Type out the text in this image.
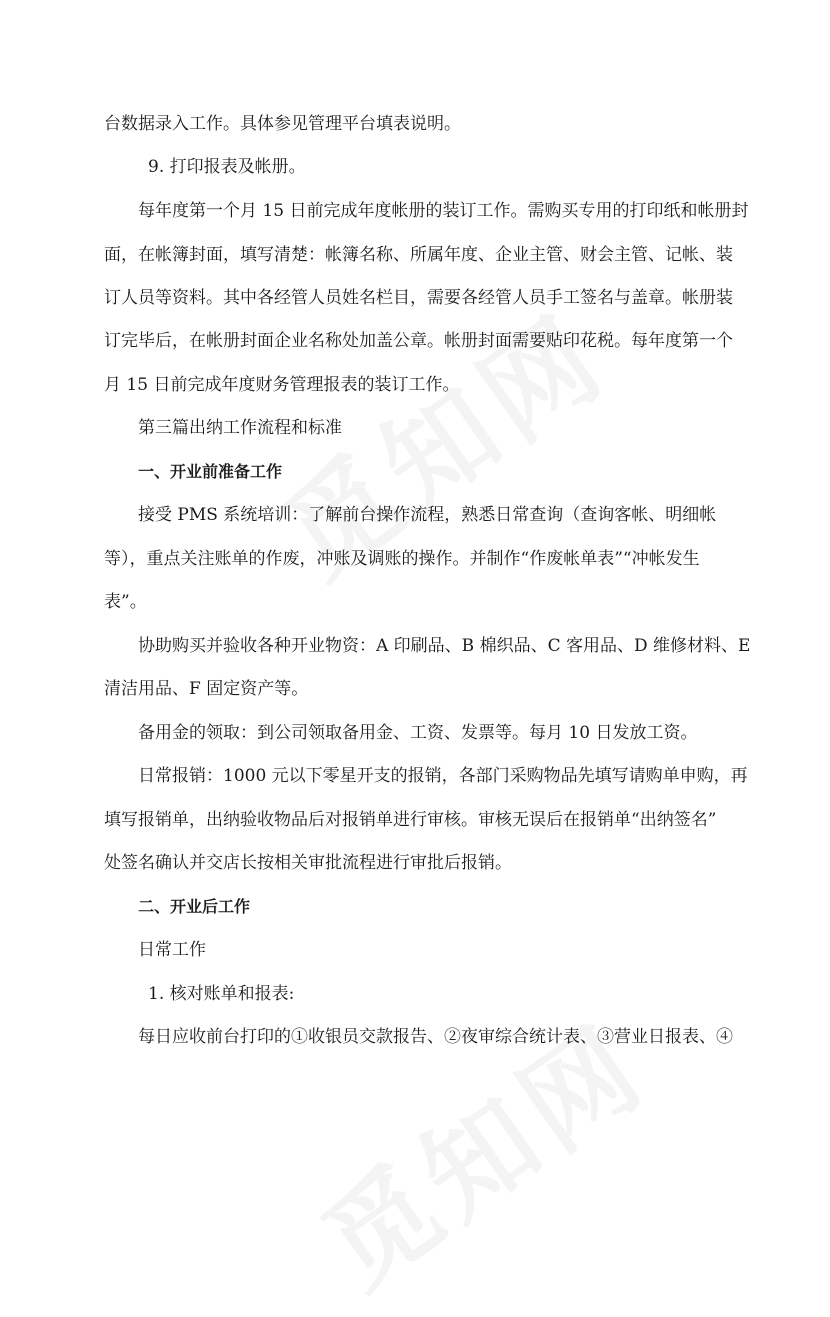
台数据录入工作。具体参见管理平台填表说明。
9. 打印报表及帐册。
每年度第一个月 15 日前完成年度帐册的装订工作。需购买专用的打印纸和帐册封
面，在帐簿封面，填写清楚：帐簿名称、所属年度、企业主管、财会主管、记帐、装
订人员等资料。其中各经管人员姓名栏目，需要各经管人员手工签名与盖章。帐册装
订完毕后，在帐册封面企业名称处加盖公章。帐册封面需要贴印花税。每年度第一个
月 15 日前完成年度财务管理报表的装订工作。
第三篇出纳工作流程和标准
一、开业前准备工作
接受 PMS 系统培训：了解前台操作流程，熟悉日常查询（查询客帐、明细帐
等），重点关注账单的作废，冲账及调账的操作。并制作“作废帐单表”“冲帐发生
表”。
协助购买并验收各种开业物资：A 印刷品、B 棉织品、C 客用品、D 维修材料、E
清洁用品、F 固定资产等。
备用金的领取：到公司领取备用金、工资、发票等。每月 10 日发放工资。
日常报销：1000 元以下零星开支的报销，各部门采购物品先填写请购单申购，再
填写报销单，出纳验收物品后对报销单进行审核。审核无误后在报销单“出纳签名”
处签名确认并交店长按相关审批流程进行审批后报销。
二、开业后工作
日常工作
1. 核对账单和报表:
每日应收前台打印的①收银员交款报告、②夜审综合统计表、③营业日报表、④
